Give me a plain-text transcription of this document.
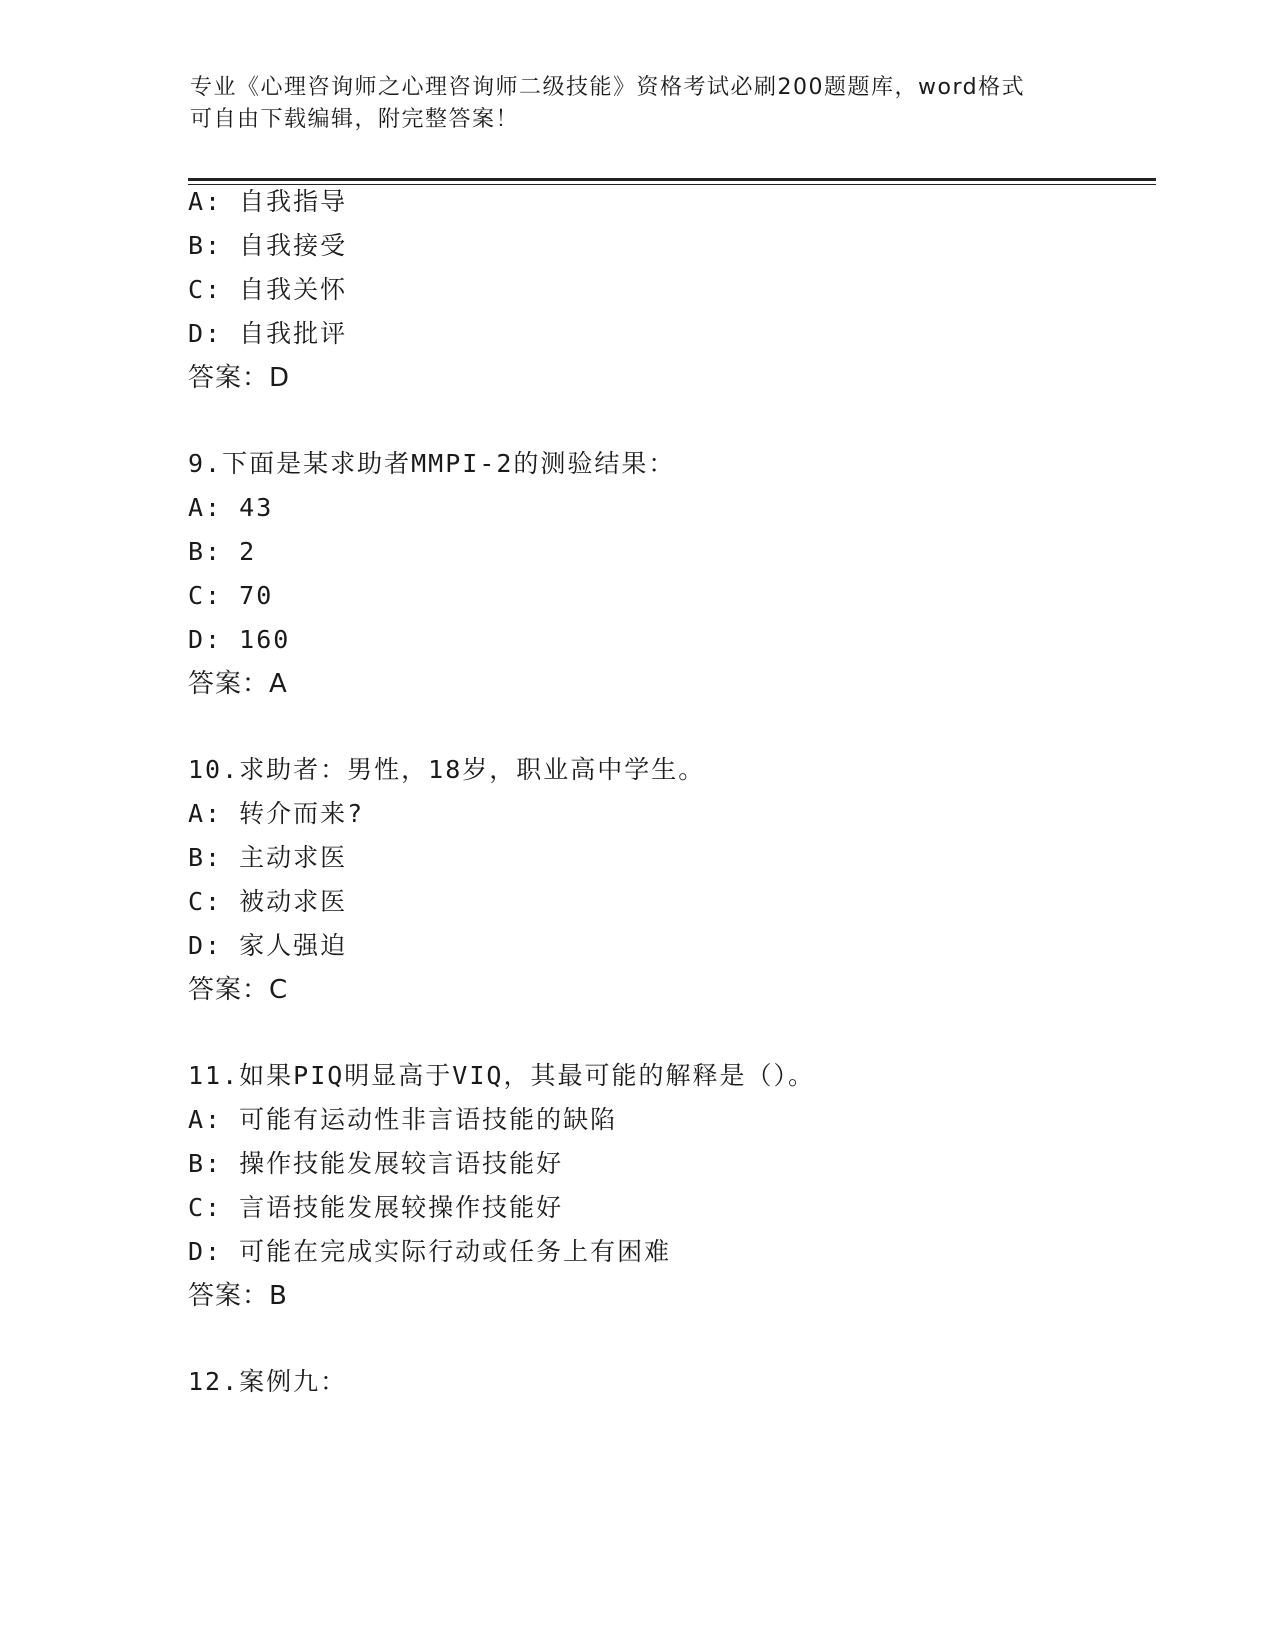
专业《心理咨询师之心理咨询师二级技能》资格考试必刷200题题库，word格式
可自由下载编辑，附完整答案！
A: 自我指导
B: 自我接受
C: 自我关怀
D: 自我批评
答案：D
9.下面是某求助者MMPI-2的测验结果：
A: 43
B: 2
C: 70
D: 160
答案：A
10.求助者：男性，18岁，职业高中学生。
A: 转介而来?
B: 主动求医
C: 被动求医
D: 家人强迫
答案：C
11.如果PIQ明显高于VIQ，其最可能的解释是（）。
A: 可能有运动性非言语技能的缺陷
B: 操作技能发展较言语技能好
C: 言语技能发展较操作技能好
D: 可能在完成实际行动或任务上有困难
答案：B
12.案例九：
